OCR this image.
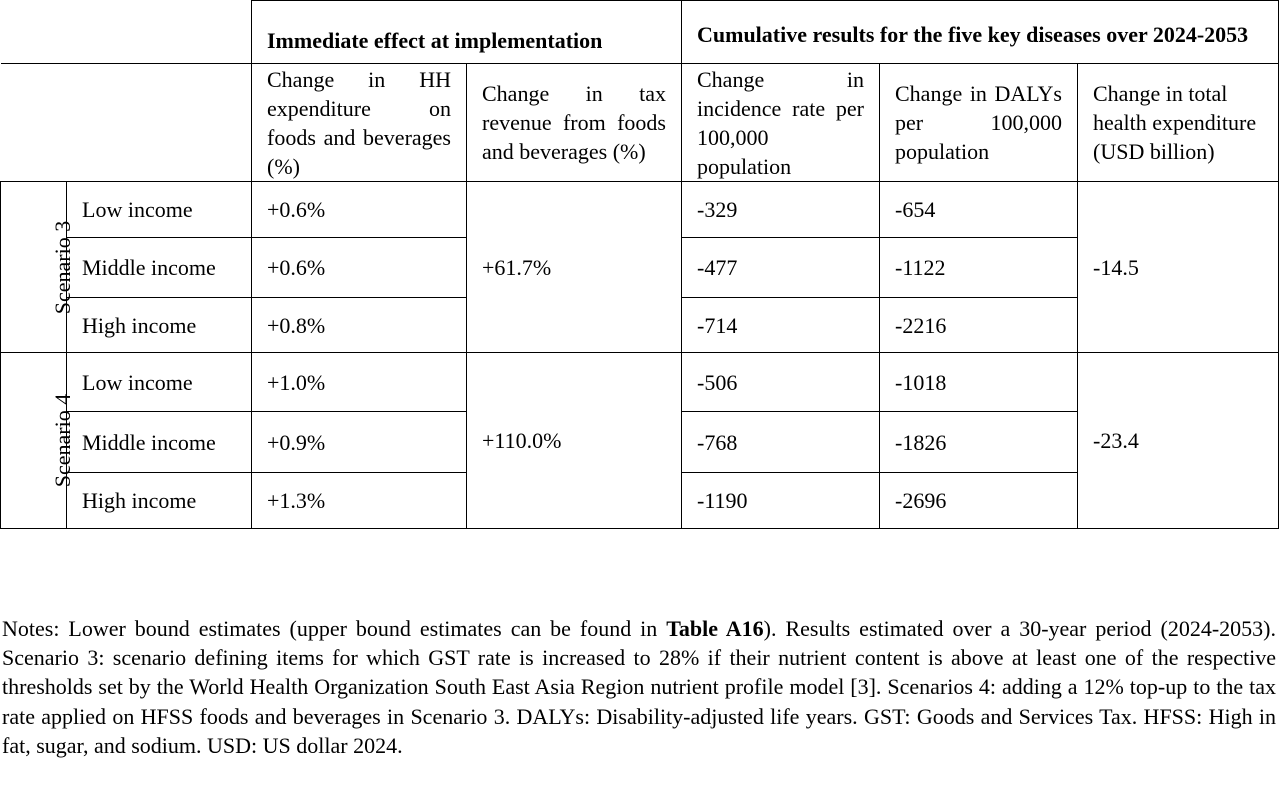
		Immediate effect at implementation		Cumulative results for the five key diseases over 2024-2053		
		Change in HH expenditure on foods and beverages (%)	Change in tax revenue from foods and beverages (%)	Change in incidence rate per 100,000 population	Change in DALYs per 100,000 population	Change in total health expenditure (USD billion)
Scenario 3	Low income	+0.6%	+61.7%	-329	-654	-14.5
	Middle income	+0.6%		-477	-1122	
	High income	+0.8%		-714	-2216	
Scenario 4	Low income	+1.0%	+110.0%	-506	-1018	-23.4
	Middle income	+0.9%		-768	-1826	
	High income	+1.3%		-1190	-2696	

Notes: Lower bound estimates (upper bound estimates can be found in Table A16). Results estimated over a 30-year period (2024-2053). Scenario 3: scenario defining items for which GST rate is increased to 28% if their nutrient content is above at least one of the respective thresholds set by the World Health Organization South East Asia Region nutrient profile model [3]. Scenarios 4: adding a 12% top-up to the tax rate applied on HFSS foods and beverages in Scenario 3. DALYs: Disability-adjusted life years. GST: Goods and Services Tax. HFSS: High in fat, sugar, and sodium. USD: US dollar 2024.
